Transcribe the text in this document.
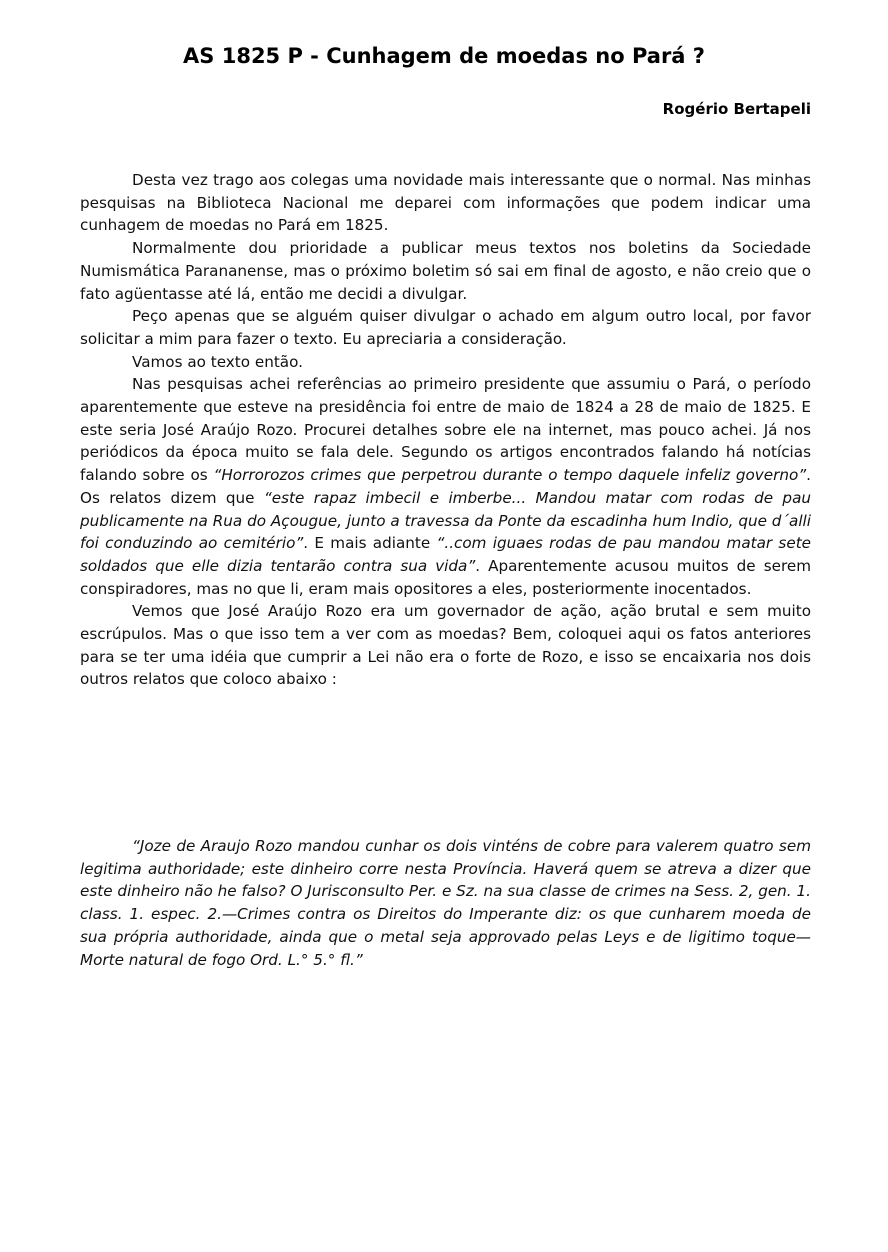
AS 1825 P - Cunhagem de moedas no Pará ?
Rogério Bertapeli

Desta vez trago aos colegas uma novidade mais interessante que o normal. Nas minhas pesquisas na Biblioteca Nacional me deparei com informações que podem indicar uma cunhagem de moedas no Pará em 1825.

Normalmente dou prioridade a publicar meus textos nos boletins da Sociedade Numismática Parananense, mas o próximo boletim só sai em final de agosto, e não creio que o fato agüentasse até lá, então me decidi a divulgar.

Peço apenas que se alguém quiser divulgar o achado em algum outro local, por favor solicitar a mim para fazer o texto. Eu apreciaria a consideração.

Vamos ao texto então.

Nas pesquisas achei referências ao primeiro presidente que assumiu o Pará, o período aparentemente que esteve na presidência foi entre de maio de 1824 a 28 de maio de 1825. E este seria José Araújo Rozo. Procurei detalhes sobre ele na internet, mas pouco achei. Já nos periódicos da época muito se fala dele. Segundo os artigos encontrados falando há notícias falando sobre os “Horrorozos crimes que perpetrou durante o tempo daquele infeliz governo”. Os relatos dizem que “este rapaz imbecil e imberbe... Mandou matar com rodas de pau publicamente na Rua do Açougue, junto a travessa da Ponte da escadinha hum Indio, que d´alli foi conduzindo ao cemitério”. E mais adiante “..com iguaes rodas de pau mandou matar sete soldados que elle dizia tentarão contra sua vida”. Aparentemente acusou muitos de serem conspiradores, mas no que li, eram mais opositores a eles, posteriormente inocentados.

Vemos que José Araújo Rozo era um governador de ação, ação brutal e sem muito escrúpulos. Mas o que isso tem a ver com as moedas? Bem, coloquei aqui os fatos anteriores para se ter uma idéia que cumprir a Lei não era o forte de Rozo, e isso se encaixaria nos dois outros relatos que coloco abaixo :

“Joze de Araujo Rozo mandou cunhar os dois vinténs de cobre para valerem quatro sem legitima authoridade; este dinheiro corre nesta Província. Haverá quem se atreva a dizer que este dinheiro não he falso? O Jurisconsulto Per. e Sz. na sua classe de crimes na Sess. 2, gen. 1. class. 1. espec. 2.—Crimes contra os Direitos do Imperante diz: os que cunharem moeda de sua própria authoridade, ainda que o metal seja approvado pelas Leys e de ligitimo toque—Morte natural de fogo Ord. L.° 5.° fl.”
